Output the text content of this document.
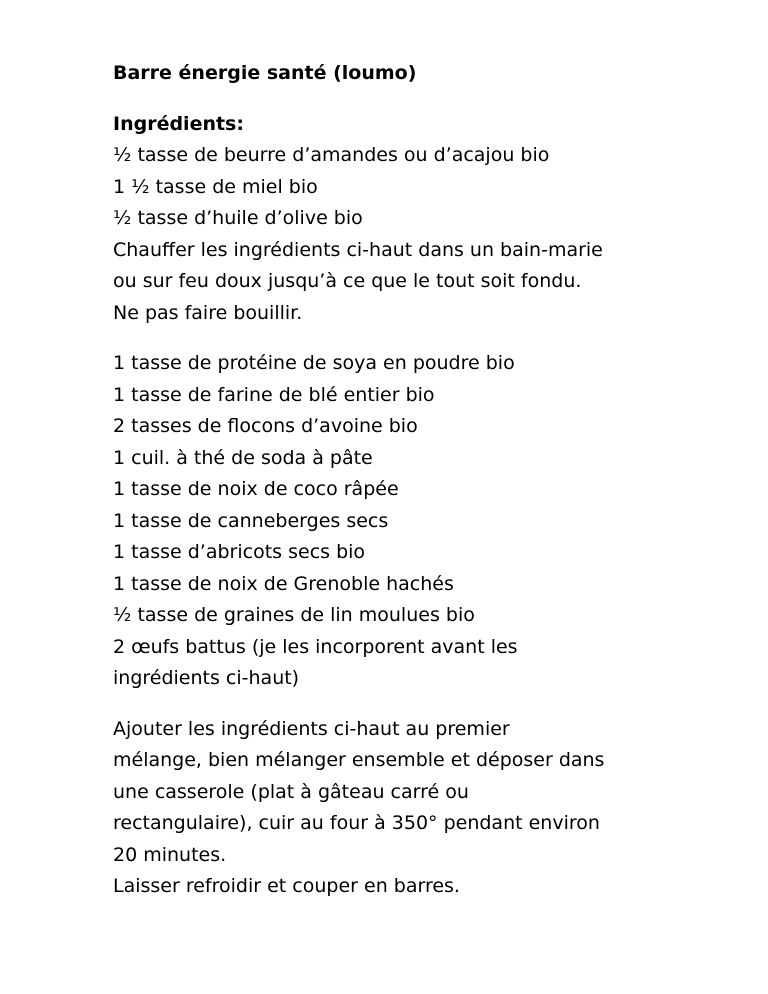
Barre énergie santé (loumo)
Ingrédients:
½ tasse de beurre d’amandes ou d’acajou bio
1 ½ tasse de miel bio
½ tasse d’huile d’olive bio
Chauffer les ingrédients ci-haut dans un bain-marie
ou sur feu doux jusqu’à ce que le tout soit fondu.
Ne pas faire bouillir.
1 tasse de protéine de soya en poudre bio
1 tasse de farine de blé entier bio
2 tasses de flocons d’avoine bio
1 cuil. à thé de soda à pâte
1 tasse de noix de coco râpée
1 tasse de canneberges secs
1 tasse d’abricots secs bio
1 tasse de noix de Grenoble hachés
½ tasse de graines de lin moulues bio
2 œufs battus (je les incorporent avant les
ingrédients ci-haut)
Ajouter les ingrédients ci-haut au premier
mélange, bien mélanger ensemble et déposer dans
une casserole (plat à gâteau carré ou
rectangulaire), cuir au four à 350° pendant environ
20 minutes.
Laisser refroidir et couper en barres.
